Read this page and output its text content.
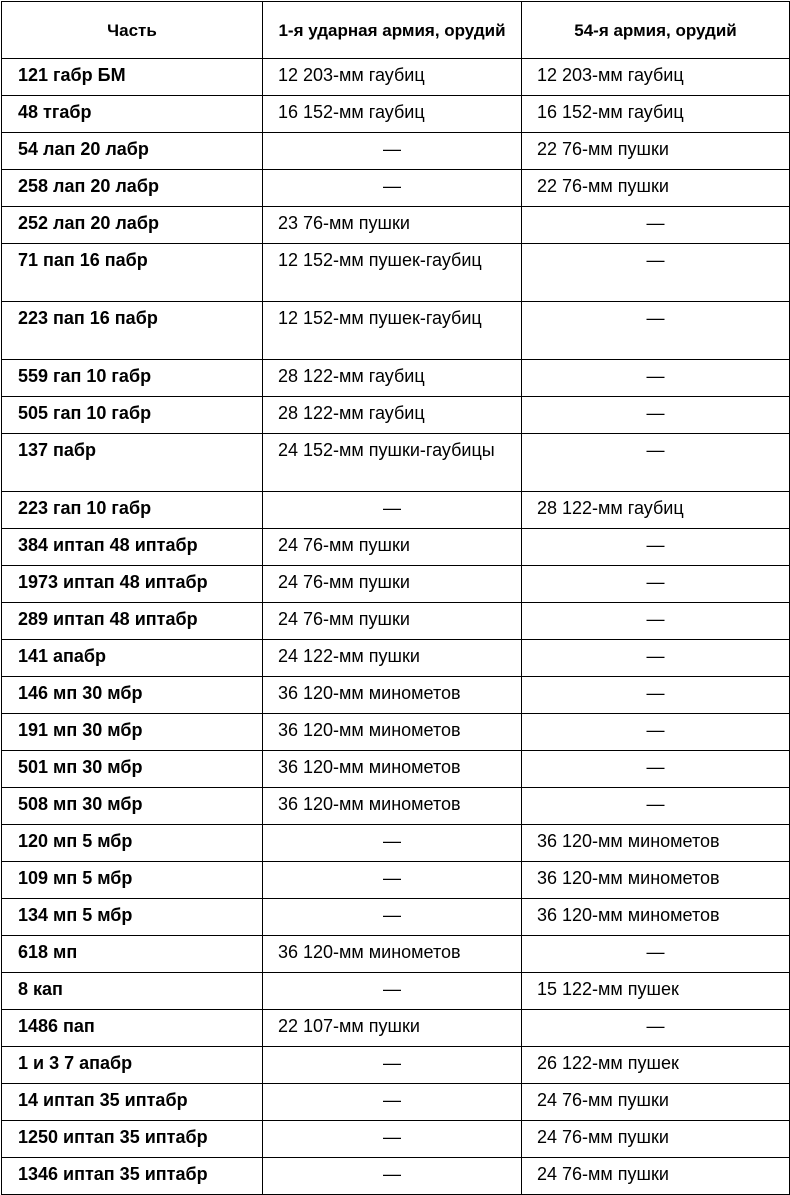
Часть	1-я ударная армия, орудий	54-я армия, орудий
121 габр БМ	12 203-мм гаубиц	12 203-мм гаубиц
48 тгабр	16 152-мм гаубиц	16 152-мм гаубиц
54 лап 20 лабр	—	22 76-мм пушки
258 лап 20 лабр	—	22 76-мм пушки
252 лап 20 лабр	23 76-мм пушки	—
71 пап 16 пабр	12 152-мм пушек-гаубиц	—
223 пап 16 пабр	12 152-мм пушек-гаубиц	—
559 гап 10 габр	28 122-мм гаубиц	—
505 гап 10 габр	28 122-мм гаубиц	—
137 пабр	24 152-мм пушки-гаубицы	—
223 гап 10 габр	—	28 122-мм гаубиц
384 иптап 48 иптабр	24 76-мм пушки	—
1973 иптап 48 иптабр	24 76-мм пушки	—
289 иптап 48 иптабр	24 76-мм пушки	—
141 апабр	24 122-мм пушки	—
146 мп 30 мбр	36 120-мм минометов	—
191 мп 30 мбр	36 120-мм минометов	—
501 мп 30 мбр	36 120-мм минометов	—
508 мп 30 мбр	36 120-мм минометов	—
120 мп 5 мбр	—	36 120-мм минометов
109 мп 5 мбр	—	36 120-мм минометов
134 мп 5 мбр	—	36 120-мм минометов
618 мп	36 120-мм минометов	—
8 кап	—	15 122-мм пушек
1486 пап	22 107-мм пушки	—
1 и 3 7 апабр	—	26 122-мм пушек
14 иптап 35 иптабр	—	24 76-мм пушки
1250 иптап 35 иптабр	—	24 76-мм пушки
1346 иптап 35 иптабр	—	24 76-мм пушки
